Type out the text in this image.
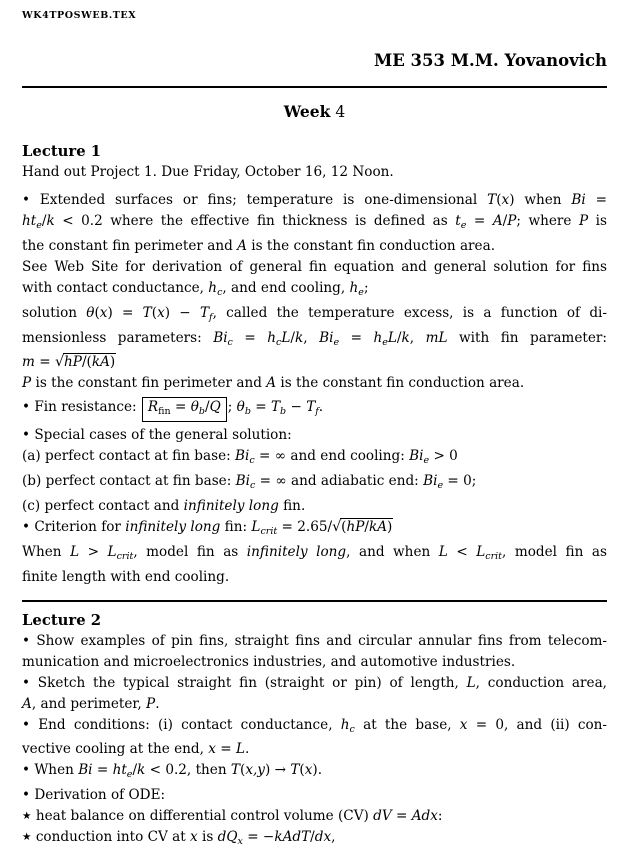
WK4TPOSWEB.TEX
ME 353 M.M. Yovanovich
Week 4
Lecture 1
Hand out Project 1. Due Friday, October 16, 12 Noon.
• Extended surfaces or fins; temperature is one-dimensional T(x) when Bi =
$ht_e/k < 0.2$ where the effective fin thickness is defined as $t_e = A/P$; where P is
the constant fin perimeter and A is the constant fin conduction area.
See Web Site for derivation of general fin equation and general solution for fins
with contact conductance, $h_c$, and end cooling, $h_e$;
solution $\theta(x) = T(x) - T_f$, called the temperature excess, is a function of di-
mensionless parameters: $Bi_c = h_cL/k$, $Bi_e = h_eL/k$, mL with fin parameter:
m = √hP/(kA)
P is the constant fin perimeter and A is the constant fin conduction area.
• Fin resistance: $R_{fin} = \theta_b/Q$ ; $\theta_b = T_b - T_f$.
• Special cases of the general solution:
(a) perfect contact at fin base: $Bi_c$ = ∞ and end cooling: $Bi_e > 0$
(b) perfect contact at fin base: $Bi_c$ = ∞ and adiabatic end: $Bi_e = 0$;
(c) perfect contact and infinitely long fin.
• Criterion for infinitely long fin: $L_{crit} = 2.65/√(hP/kA)$
When $L > L_{crit}$, model fin as infinitely long, and when $L < L_{crit}$, model fin as
finite length with end cooling.
Lecture 2
• Show examples of pin fins, straight fins and circular annular fins from telecom-
munication and microelectronics industries, and automotive industries.
• Sketch the typical straight fin (straight or pin) of length, L, conduction area,
A, and perimeter, P.
• End conditions: (i) contact conductance, $h_c$ at the base, x = 0, and (ii) con-
vective cooling at the end, x = L.
• When $Bi = ht_e/k < 0.2$, then T(x,y) → T(x).
• Derivation of ODE:
★ heat balance on differential control volume (CV) dV = Adx:
★ conduction into CV at x is $dQ_x$ = −kAdT/dx,
